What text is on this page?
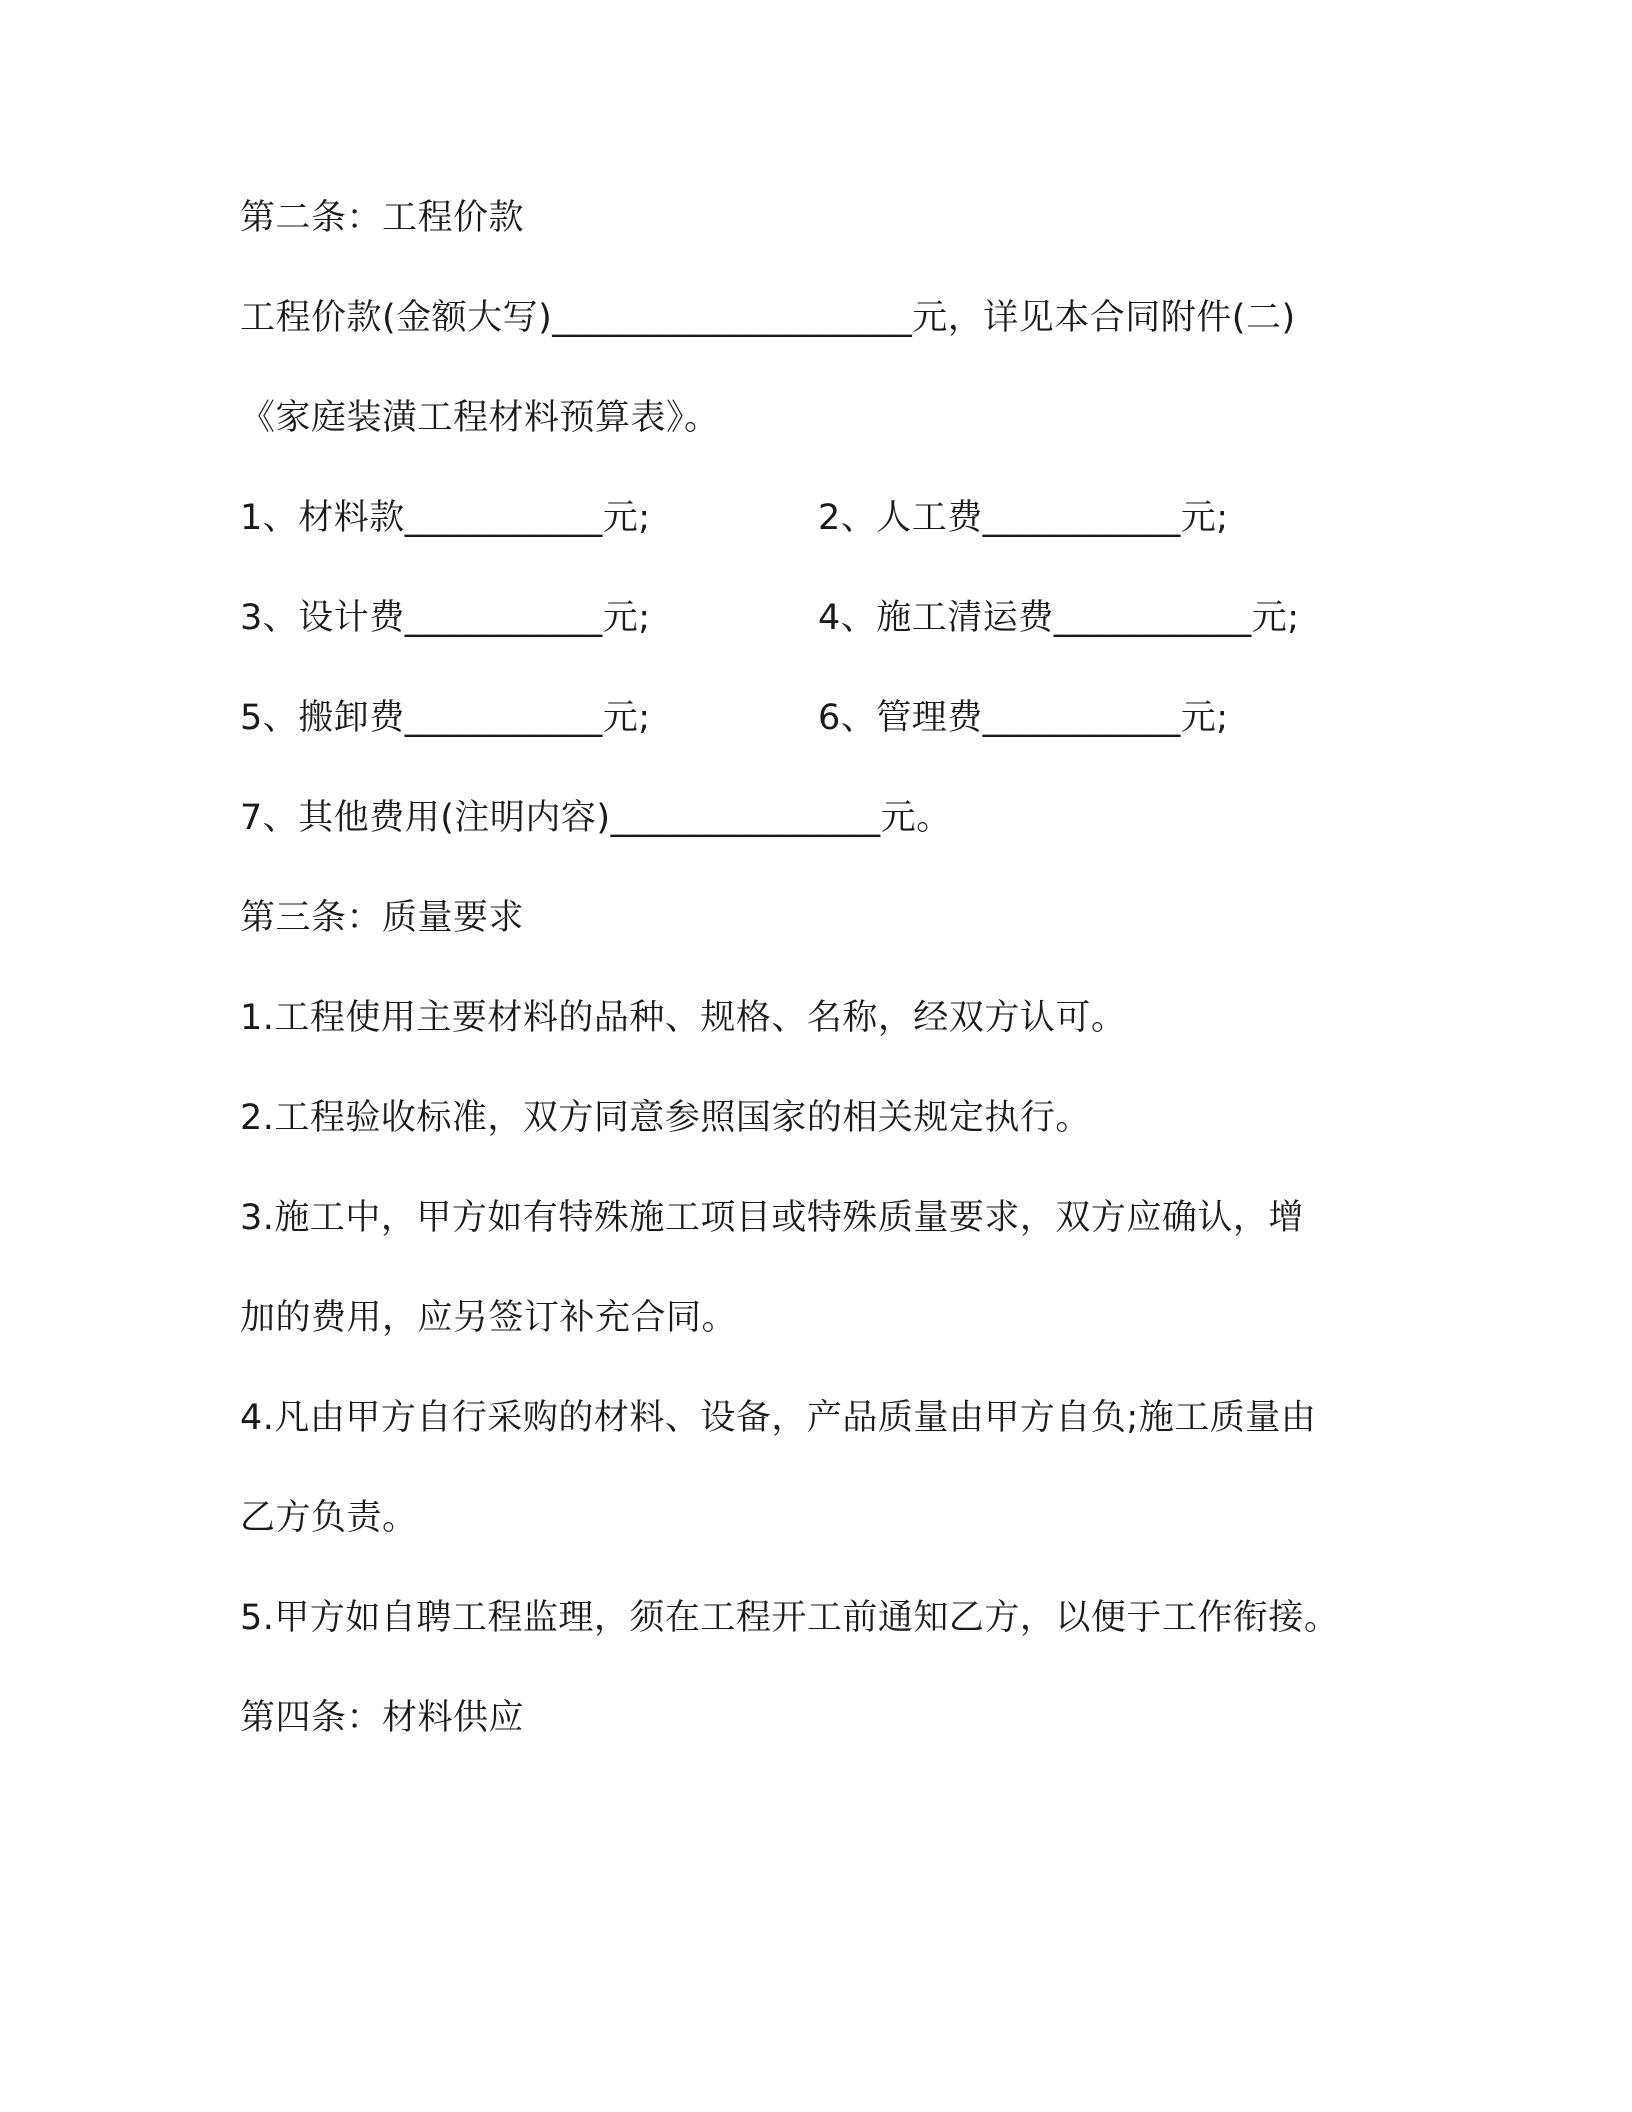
第二条：工程价款
工程价款(金额大写)____________________元，详见本合同附件(二)
《家庭装潢工程材料预算表》。
1、材料款___________元;	2、人工费___________元;
3、设计费___________元;	4、施工清运费___________元;
5、搬卸费___________元;	6、管理费___________元;
7、其他费用(注明内容)_______________元。
第三条：质量要求
1.工程使用主要材料的品种、规格、名称，经双方认可。
2.工程验收标准，双方同意参照国家的相关规定执行。
3.施工中，甲方如有特殊施工项目或特殊质量要求，双方应确认，增
加的费用，应另签订补充合同。
4.凡由甲方自行采购的材料、设备，产品质量由甲方自负;施工质量由
乙方负责。
5.甲方如自聘工程监理，须在工程开工前通知乙方，以便于工作衔接。
第四条：材料供应
